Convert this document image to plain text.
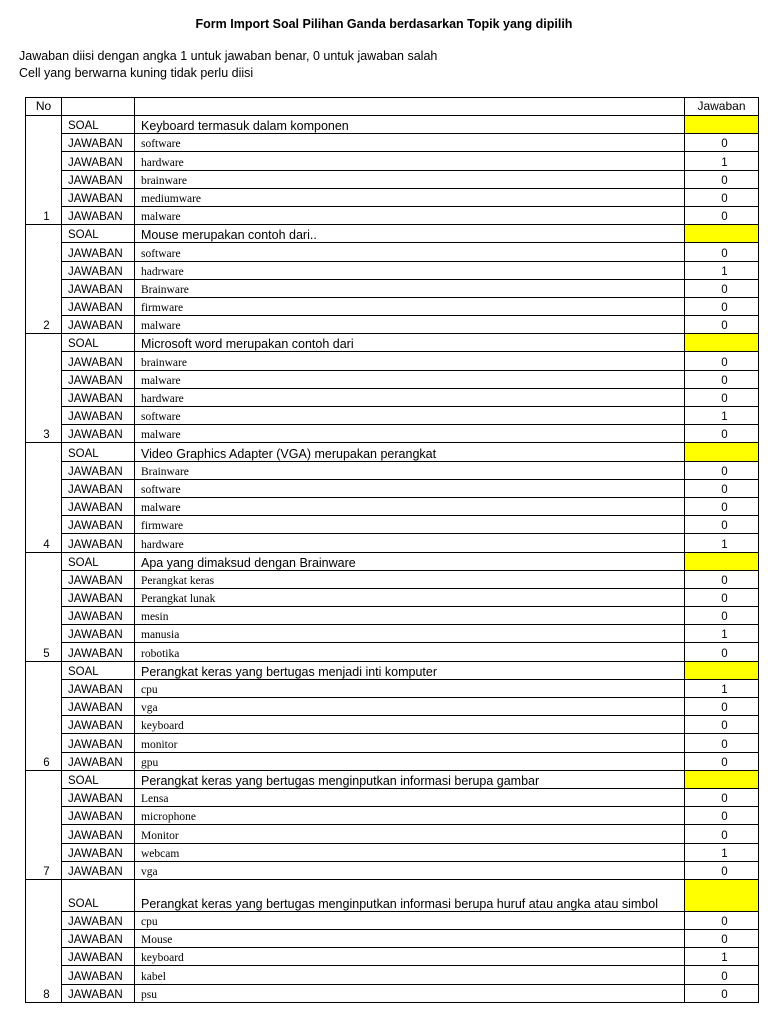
Form Import Soal Pilihan Ganda berdasarkan Topik yang dipilih
Jawaban diisi dengan angka 1 untuk jawaban benar, 0 untuk jawaban salah
Cell yang berwarna kuning tidak perlu diisi
No			Jawaban
1	SOAL	Keyboard termasuk dalam komponen	
	JAWABAN	software	0
	JAWABAN	hardware	1
	JAWABAN	brainware	0
	JAWABAN	mediumware	0
	JAWABAN	malware	0
2	SOAL	Mouse merupakan contoh dari..	
	JAWABAN	software	0
	JAWABAN	hadrware	1
	JAWABAN	Brainware	0
	JAWABAN	firmware	0
	JAWABAN	malware	0
3	SOAL	Microsoft word merupakan contoh dari	
	JAWABAN	brainware	0
	JAWABAN	malware	0
	JAWABAN	hardware	0
	JAWABAN	software	1
	JAWABAN	malware	0
4	SOAL	Video Graphics Adapter (VGA) merupakan perangkat	
	JAWABAN	Brainware	0
	JAWABAN	software	0
	JAWABAN	malware	0
	JAWABAN	firmware	0
	JAWABAN	hardware	1
5	SOAL	Apa yang dimaksud dengan Brainware	
	JAWABAN	Perangkat keras	0
	JAWABAN	Perangkat lunak	0
	JAWABAN	mesin	0
	JAWABAN	manusia	1
	JAWABAN	robotika	0
6	SOAL	Perangkat keras yang bertugas menjadi inti komputer	
	JAWABAN	cpu	1
	JAWABAN	vga	0
	JAWABAN	keyboard	0
	JAWABAN	monitor	0
	JAWABAN	gpu	0
7	SOAL	Perangkat keras yang bertugas menginputkan informasi berupa gambar	
	JAWABAN	Lensa	0
	JAWABAN	microphone	0
	JAWABAN	Monitor	0
	JAWABAN	webcam	1
	JAWABAN	vga	0
8	SOAL	Perangkat keras yang bertugas menginputkan informasi berupa huruf atau angka atau simbol	
	JAWABAN	cpu	0
	JAWABAN	Mouse	0
	JAWABAN	keyboard	1
	JAWABAN	kabel	0
	JAWABAN	psu	0
